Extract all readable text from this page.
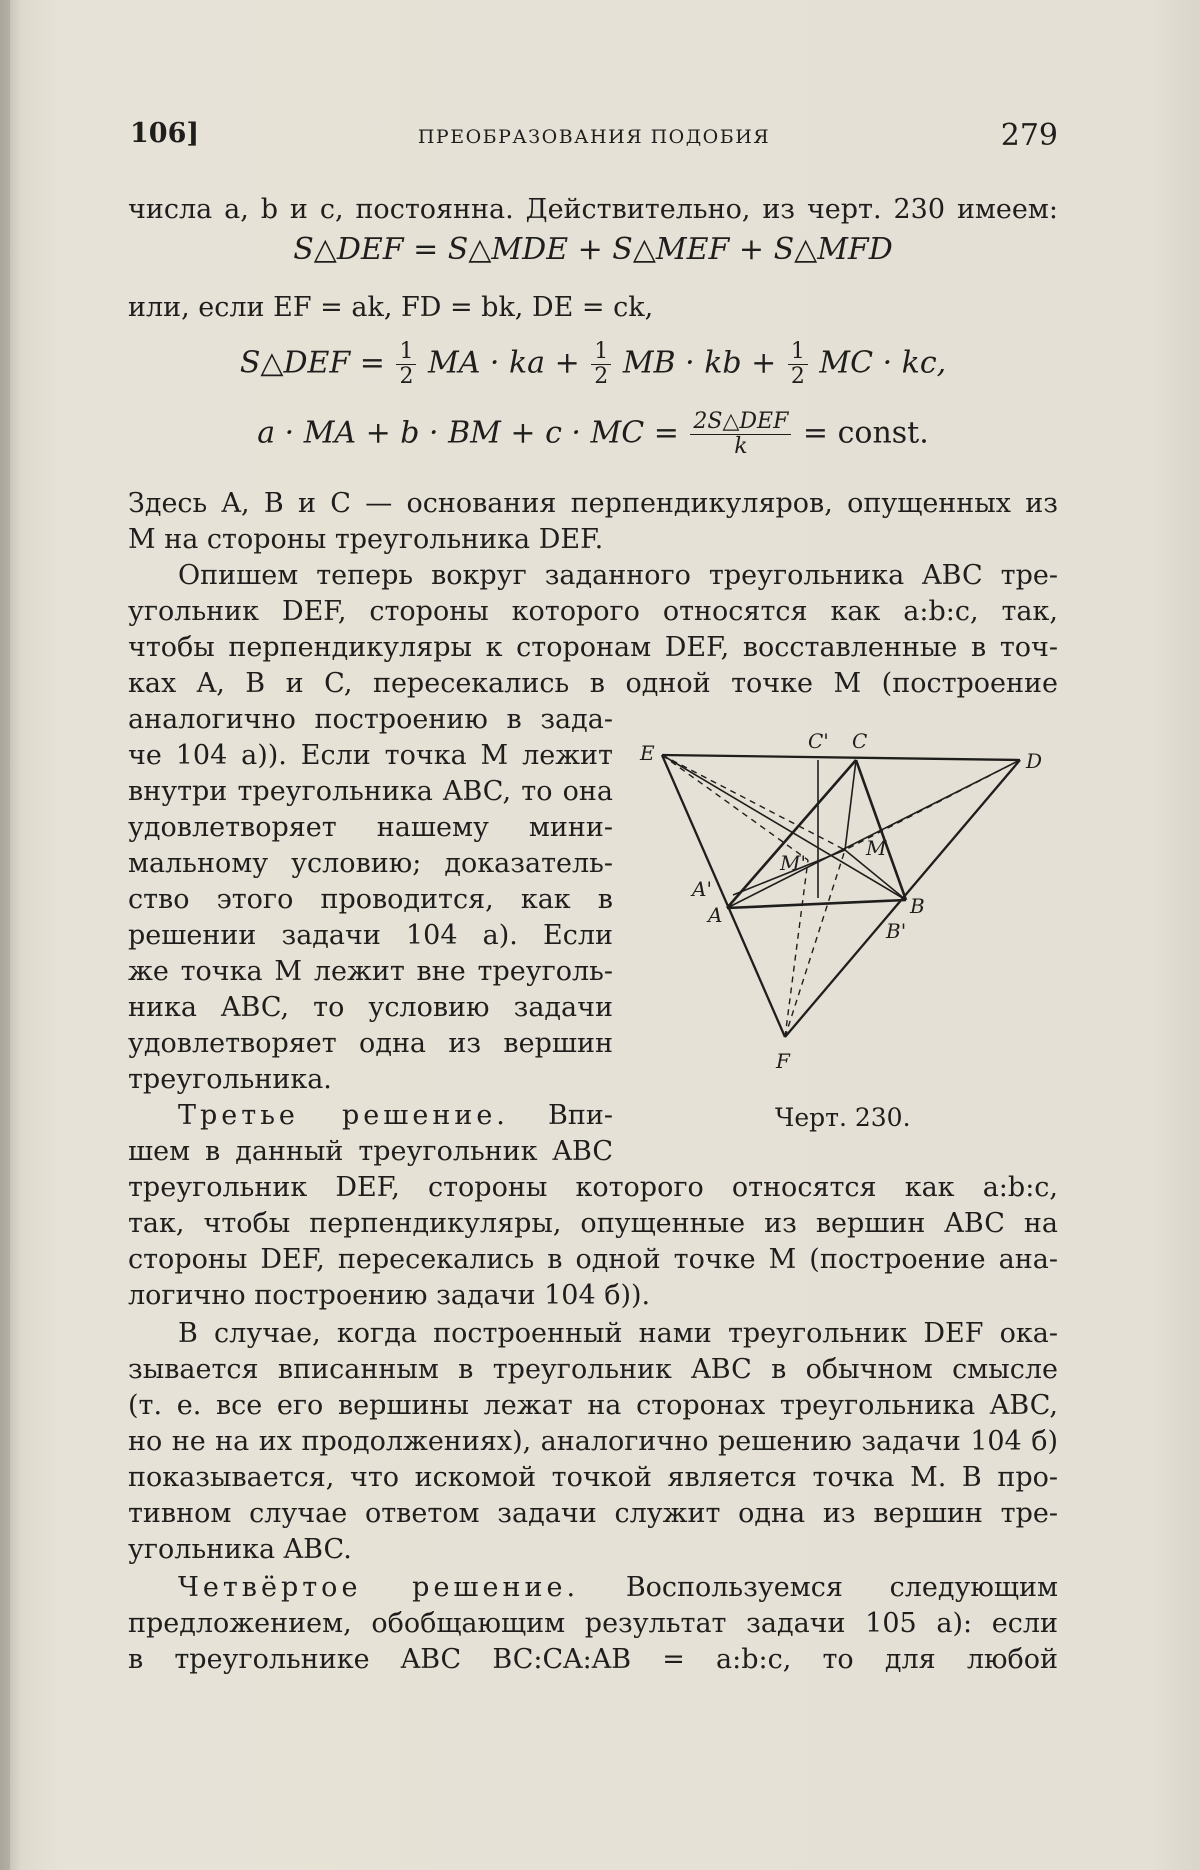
106]	ПРЕОБРАЗОВАНИЯ ПОДОБИЯ	279
числа a, b и c, постоянна. Действительно, из черт. 230 имеем:
S△DEF = S△MDE + S△MEF + S△MFD
или, если EF = ak, FD = bk, DE = ck,
S△DEF = $\frac{1}{2}$ MA · ka + $\frac{1}{2}$ MB · kb + $\frac{1}{2}$ MC · kc,
a · MA + b · BM + c · MC = $\frac{\text{2S△DEF}}{k}$ = const.
Здесь A, B и C — основания перпендикуляров, опущенных из
M на стороны треугольника DEF.
Опишем теперь вокруг заданного треугольника ABC тре-
угольник DEF, стороны которого относятся как a:b:c, так,
чтобы перпендикуляры к сторонам DEF, восставленные в точ-
ках A, B и C, пересекались в одной точке M (построение
аналогично построению в зада-
че 104 а)). Если точка M лежит
внутри треугольника ABC, то она
удовлетворяет нашему мини-
мальному условию; доказатель-
ство этого проводится, как в
решении задачи 104 а). Если
же точка M лежит вне треуголь-
ника ABC, то условию задачи
удовлетворяет одна из вершин
треугольника.
Третье решение. Впи-
шем в данный треугольник ABC
E	D
F
C
C'
A
A'
B
B'
M
M'
Черт. 230.
треугольник DEF, стороны которого относятся как a:b:c,
так, чтобы перпендикуляры, опущенные из вершин ABC на
стороны DEF, пересекались в одной точке M (построение ана-
логично построению задачи 104 б)).
В случае, когда построенный нами треугольник DEF ока-
зывается вписанным в треугольник ABC в обычном смысле
(т. е. все его вершины лежат на сторонах треугольника ABC,
но не на их продолжениях), аналогично решению задачи 104 б)
показывается, что искомой точкой является точка M. В про-
тивном случае ответом задачи служит одна из вершин тре-
угольника ABC.
Четвёртое решение. Воспользуемся следующим
предложением, обобщающим результат задачи 105 а): если
в треугольнике ABC BC:CA:AB = a:b:c, то для любой
